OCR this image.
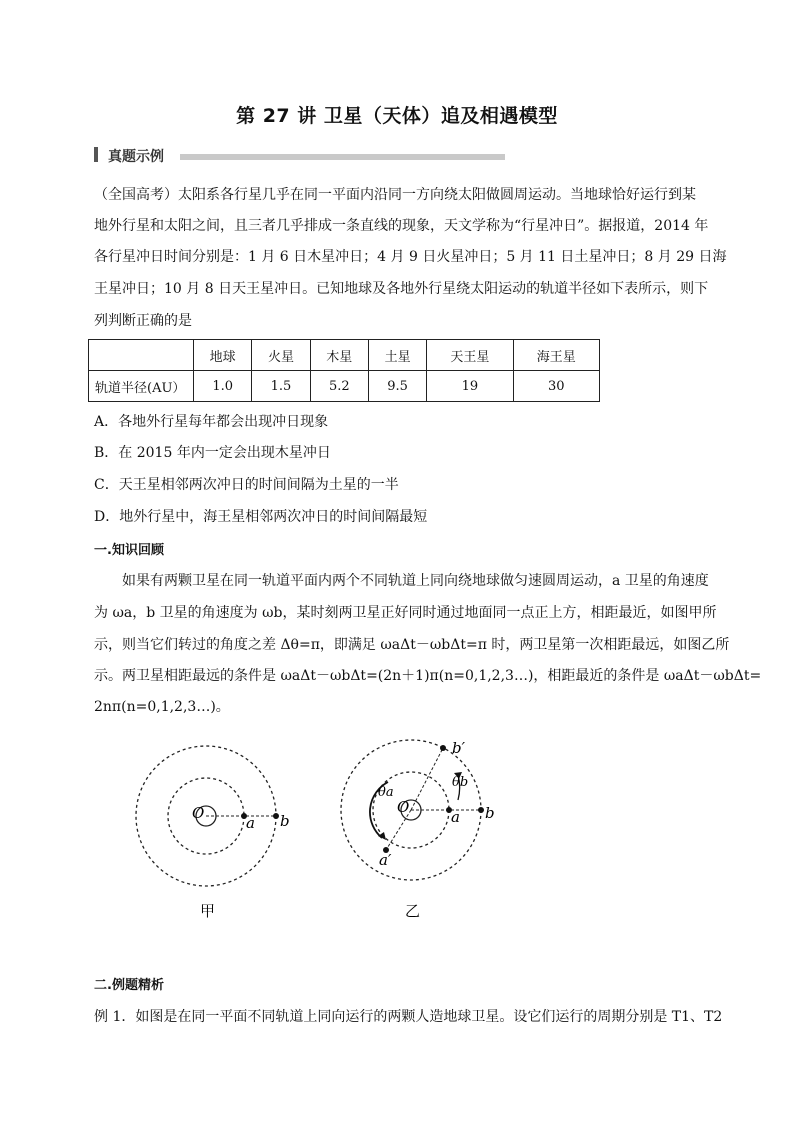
第 27 讲 卫星（天体）追及相遇模型
真题示例
（全国高考）太阳系各行星几乎在同一平面内沿同一方向绕太阳做圆周运动。当地球恰好运行到某
地外行星和太阳之间，且三者几乎排成一条直线的现象，天文学称为“行星冲日”。据报道，2014 年
各行星冲日时间分别是：1 月 6 日木星冲日；4 月 9 日火星冲日；5 月 11 日土星冲日；8 月 29 日海
王星冲日；10 月 8 日天王星冲日。已知地球及各地外行星绕太阳运动的轨道半径如下表所示，则下
列判断正确的是
	地球	火星	木星	土星	天王星	海王星
轨道半径(AU）	1.0	1.5	5.2	9.5	19	30
A．各地外行星每年都会出现冲日现象
B．在 2015 年内一定会出现木星冲日
C．天王星相邻两次冲日的时间间隔为土星的一半
D．地外行星中，海王星相邻两次冲日的时间间隔最短
一.知识回顾
如果有两颗卫星在同一轨道平面内两个不同轨道上同向绕地球做匀速圆周运动，a 卫星的角速度
为 ωa，b 卫星的角速度为 ωb，某时刻两卫星正好同时通过地面同一点正上方，相距最近，如图甲所
示，则当它们转过的角度之差 Δθ=π，即满足 ωaΔt－ωbΔt=π 时，两卫星第一次相距最远，如图乙所
示。两卫星相距最远的条件是 ωaΔt－ωbΔt=(2n＋1)π(n=0,1,2,3…)，相距最近的条件是 ωaΔt－ωbΔt=
2nπ(n=0,1,2,3…)。
O
a b
甲
O
a b
a′
b′
θa
θb
乙
二.例题精析
例 1．如图是在同一平面不同轨道上同向运行的两颗人造地球卫星。设它们运行的周期分别是 T1、T2
